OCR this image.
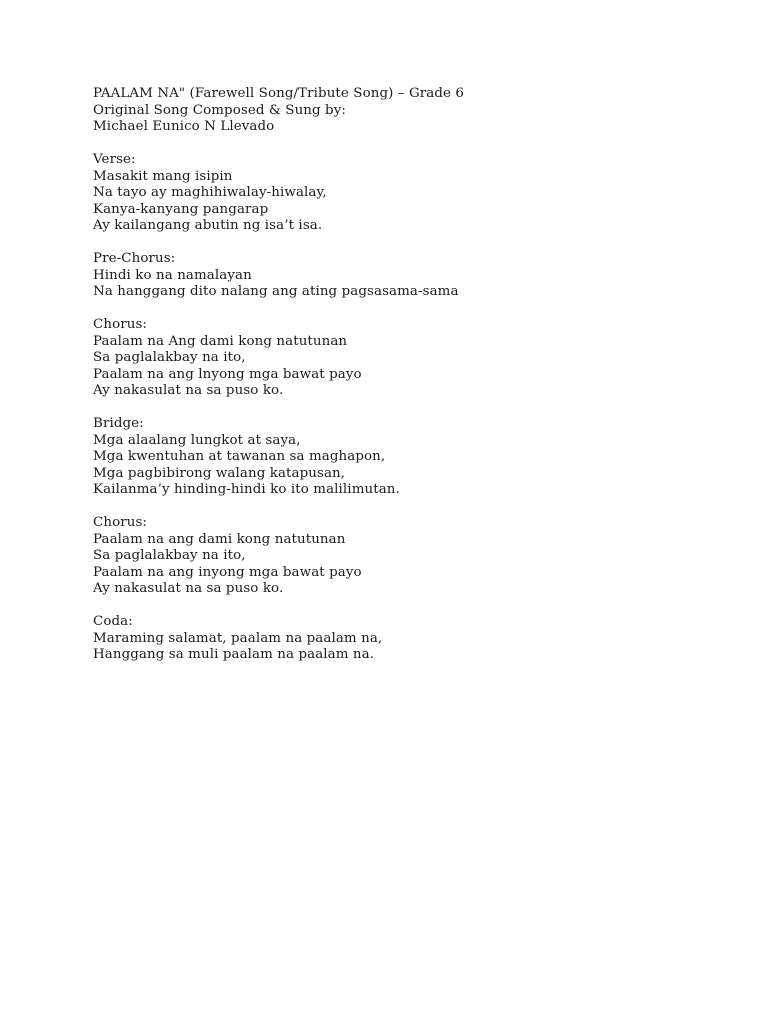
PAALAM NA" (Farewell Song/Tribute Song) – Grade 6
Original Song Composed & Sung by:
Michael Eunico N Llevado
Verse:
Masakit mang isipin
Na tayo ay maghihiwalay-hiwalay,
Kanya-kanyang pangarap
Ay kailangang abutin ng isa’t isa.
Pre-Chorus:
Hindi ko na namalayan
Na hanggang dito nalang ang ating pagsasama-sama
Chorus:
Paalam na Ang dami kong natutunan
Sa paglalakbay na ito,
Paalam na ang lnyong mga bawat payo
Ay nakasulat na sa puso ko.
Bridge:
Mga alaalang lungkot at saya,
Mga kwentuhan at tawanan sa maghapon,
Mga pagbibirong walang katapusan,
Kailanma’y hinding-hindi ko ito malilimutan.
Chorus:
Paalam na ang dami kong natutunan
Sa paglalakbay na ito,
Paalam na ang inyong mga bawat payo
Ay nakasulat na sa puso ko.
Coda:
Maraming salamat, paalam na paalam na,
Hanggang sa muli paalam na paalam na.
